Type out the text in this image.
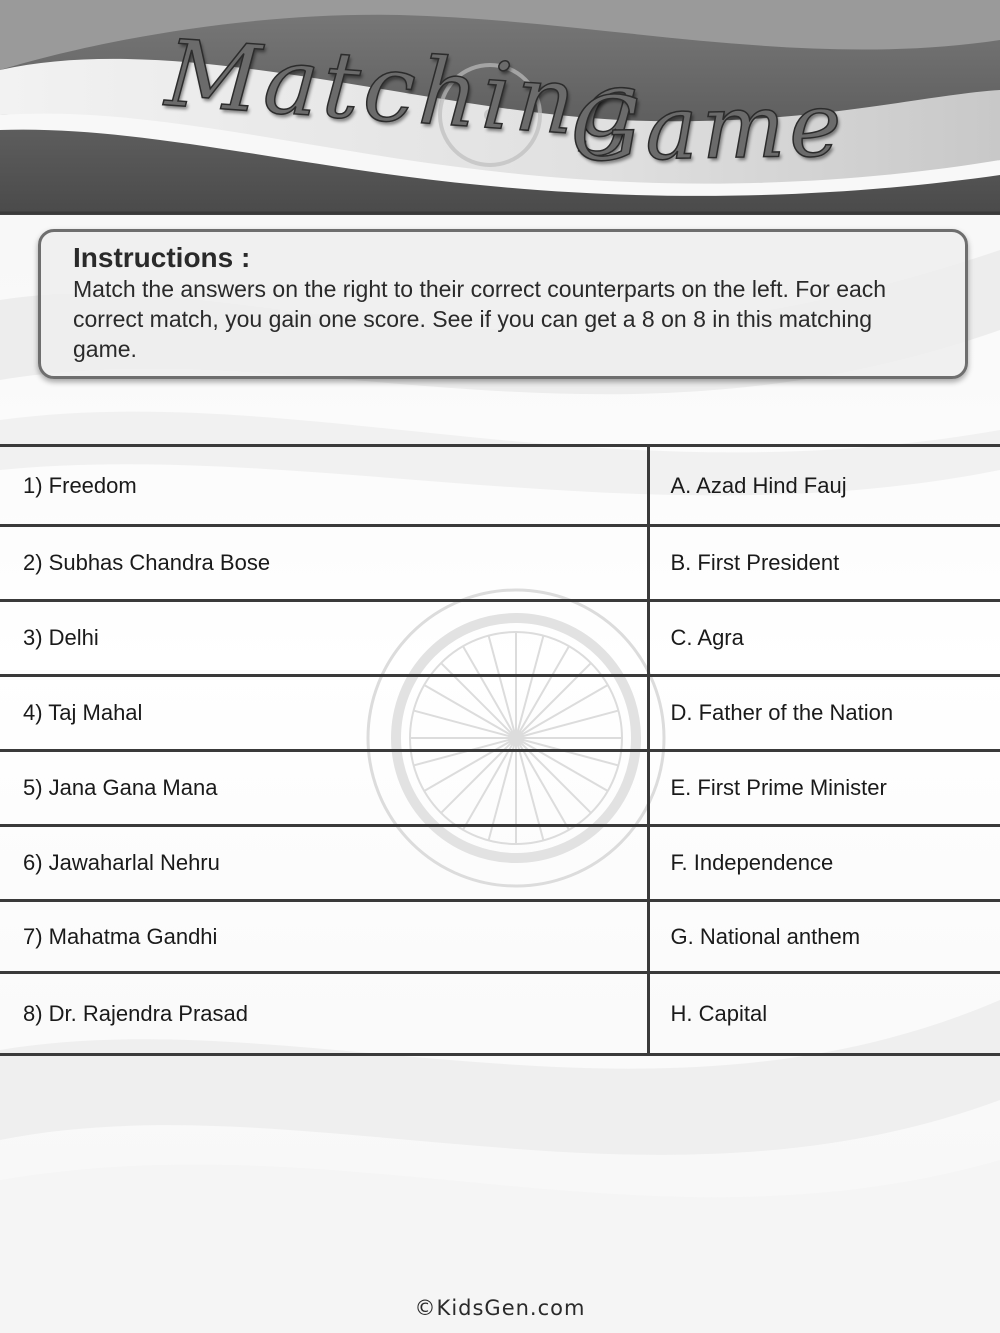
Matching
Game

Instructions :

Match the answers on the right to their correct counterparts on the left. For each correct match, you gain one score. See if you can get a 8 on 8 in this matching game.

1) Freedom	A. Azad Hind Fauj
2) Subhas Chandra Bose	B. First President
3) Delhi	C. Agra
4) Taj Mahal	D. Father of the Nation
5) Jana Gana Mana	E. First Prime Minister
6) Jawaharlal Nehru	F. Independence
7) Mahatma Gandhi	G. National anthem
8) Dr. Rajendra Prasad	H. Capital
©KidsGen.com
